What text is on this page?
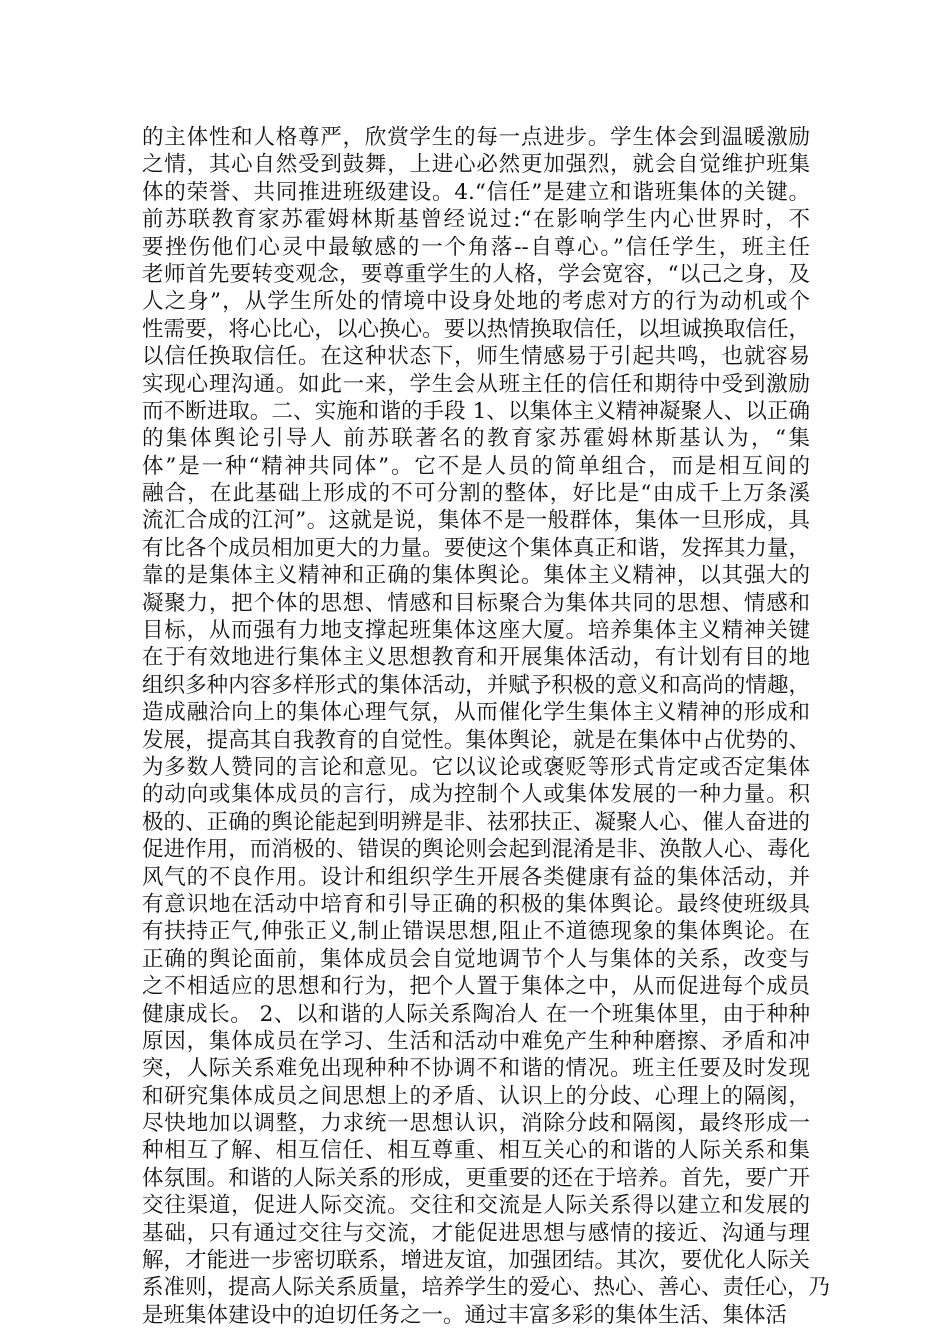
的主体性和人格尊严，欣赏学生的每一点进步。学生体会到温暖激励
之情，其心自然受到鼓舞，上进心必然更加强烈，就会自觉维护班集
体的荣誉、共同推进班级建设。4.“信任”是建立和谐班集体的关键。
前苏联教育家苏霍姆林斯基曾经说过:“在影响学生内心世界时，不
要挫伤他们心灵中最敏感的一个角落--自尊心。”信任学生，班主任
老师首先要转变观念，要尊重学生的人格，学会宽容，“以己之身，及
人之身”，从学生所处的情境中设身处地的考虑对方的行为动机或个
性需要，将心比心，以心换心。要以热情换取信任，以坦诚换取信任，
以信任换取信任。在这种状态下，师生情感易于引起共鸣，也就容易
实现心理沟通。如此一来，学生会从班主任的信任和期待中受到激励
而不断进取。二、实施和谐的手段 1、以集体主义精神凝聚人、以正确
的集体舆论引导人 前苏联著名的教育家苏霍姆林斯基认为，“集
体”是一种“精神共同体”。它不是人员的简单组合，而是相互间的
融合，在此基础上形成的不可分割的整体，好比是“由成千上万条溪
流汇合成的江河”。这就是说，集体不是一般群体，集体一旦形成，具
有比各个成员相加更大的力量。要使这个集体真正和谐，发挥其力量，
靠的是集体主义精神和正确的集体舆论。集体主义精神，以其强大的
凝聚力，把个体的思想、情感和目标聚合为集体共同的思想、情感和
目标，从而强有力地支撑起班集体这座大厦。培养集体主义精神关键
在于有效地进行集体主义思想教育和开展集体活动，有计划有目的地
组织多种内容多样形式的集体活动，并赋予积极的意义和高尚的情趣，
造成融洽向上的集体心理气氛，从而催化学生集体主义精神的形成和
发展，提高其自我教育的自觉性。集体舆论，就是在集体中占优势的、
为多数人赞同的言论和意见。它以议论或褒贬等形式肯定或否定集体
的动向或集体成员的言行，成为控制个人或集体发展的一种力量。积
极的、正确的舆论能起到明辨是非、祛邪扶正、凝聚人心、催人奋进的
促进作用，而消极的、错误的舆论则会起到混淆是非、涣散人心、毒化
风气的不良作用。设计和组织学生开展各类健康有益的集体活动，并
有意识地在活动中培育和引导正确的积极的集体舆论。最终使班级具
有扶持正气,伸张正义,制止错误思想,阻止不道德现象的集体舆论。在
正确的舆论面前，集体成员会自觉地调节个人与集体的关系，改变与
之不相适应的思想和行为，把个人置于集体之中，从而促进每个成员
健康成长。 2、以和谐的人际关系陶冶人 在一个班集体里，由于种种
原因，集体成员在学习、生活和活动中难免产生种种磨擦、矛盾和冲
突，人际关系难免出现种种不协调不和谐的情况。班主任要及时发现
和研究集体成员之间思想上的矛盾、认识上的分歧、心理上的隔阂，
尽快地加以调整，力求统一思想认识，消除分歧和隔阂，最终形成一
种相互了解、相互信任、相互尊重、相互关心的和谐的人际关系和集
体氛围。和谐的人际关系的形成，更重要的还在于培养。首先，要广开
交往渠道，促进人际交流。交往和交流是人际关系得以建立和发展的
基础，只有通过交往与交流，才能促进思想与感情的接近、沟通与理
解，才能进一步密切联系，增进友谊，加强团结。其次，要优化人际关
系准则，提高人际关系质量，培养学生的爱心、热心、善心、责任心，乃
是班集体建设中的迫切任务之一。通过丰富多彩的集体生活、集体活
